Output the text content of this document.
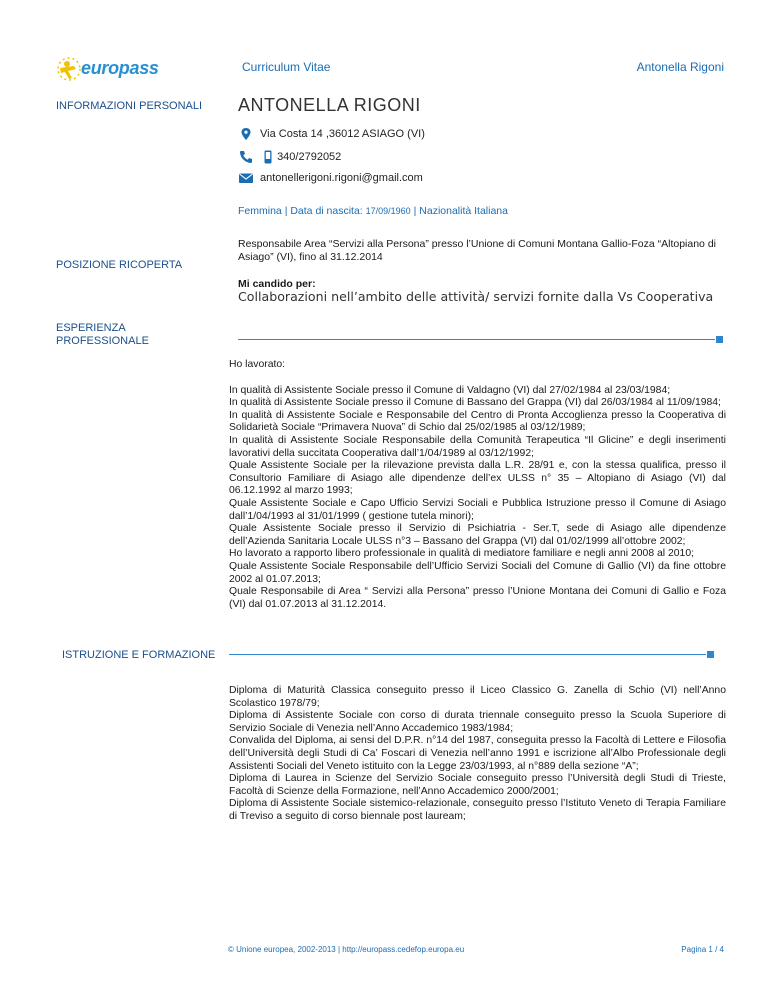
europass	Curriculum Vitae	Antonella Rigoni
INFORMAZIONI PERSONALI	ANTONELLA RIGONI
Via Costa 14 ,36012 ASIAGO (VI)
340/2792052
antonellerigoni.rigoni@gmail.com
Femmina | Data di nascita: 17/09/1960 | Nazionalità Italiana
POSIZIONE RICOPERTA
Responsabile Area “Servizi alla Persona” presso l’Unione di Comuni Montana Gallio-Foza “Altopiano di Asiago” (VI), fino al 31.12.2014
Mi candido per:
Collaborazioni nell’ambito delle attività/ servizi fornite dalla Vs Cooperativa
ESPERIENZA
PROFESSIONALE

Ho lavorato:

In qualità di Assistente Sociale presso il Comune di Valdagno (VI) dal 27/02/1984 al 23/03/1984;

In qualità di Assistente Sociale presso il Comune di Bassano del Grappa (VI) dal 26/03/1984 al 11/09/1984;

In qualità di Assistente Sociale e Responsabile del Centro di Pronta Accoglienza presso la Cooperativa di Solidarietà Sociale “Primavera Nuova” di Schio dal 25/02/1985 al 03/12/1989;

In qualità di Assistente Sociale Responsabile della Comunità Terapeutica “Il Glicine” e degli inserimenti lavorativi della succitata Cooperativa dall’1/04/1989 al 03/12/1992;

Quale Assistente Sociale per la rilevazione prevista dalla L.R. 28/91 e, con la stessa qualifica, presso il Consultorio Familiare di Asiago alle dipendenze dell’ex ULSS n° 35 – Altopiano di Asiago (VI) dal 06.12.1992 al marzo 1993;

Quale Assistente Sociale e Capo Ufficio Servizi Sociali e Pubblica Istruzione presso il Comune di Asiago dall’1/04/1993 al 31/01/1999 ( gestione tutela minori);

Quale Assistente Sociale presso il Servizio di Psichiatria - Ser.T, sede di Asiago alle dipendenze dell’Azienda Sanitaria Locale ULSS n°3 – Bassano del Grappa (VI) dal 01/02/1999 all’ottobre 2002;

Ho lavorato a rapporto libero professionale in qualità di mediatore familiare e negli anni 2008 al 2010;

Quale Assistente Sociale Responsabile dell’Ufficio Servizi Sociali del Comune di Gallio (VI) da fine ottobre 2002 al 01.07.2013;

Quale Responsabile di Area “ Servizi alla Persona” presso l’Unione Montana dei Comuni di Gallio e Foza (VI) dal 01.07.2013 al 31.12.2014.

ISTRUZIONE E FORMAZIONE

Diploma di Maturità Classica conseguito presso il Liceo Classico G. Zanella di Schio (VI) nell’Anno Scolastico 1978/79;

Diploma di Assistente Sociale con corso di durata triennale conseguito presso la Scuola Superiore di Servizio Sociale di Venezia nell’Anno Accademico 1983/1984;

Convalida del Diploma, ai sensi del D.P.R. n°14 del 1987, conseguita presso la Facoltà di Lettere e Filosofia dell’Università degli Studi di Ca’ Foscari di Venezia nell’anno 1991 e iscrizione all’Albo Professionale degli Assistenti Sociali del Veneto istituito con la Legge 23/03/1993, al n°889 della sezione “A”;

Diploma di Laurea in Scienze del Servizio Sociale conseguito presso l’Università degli Studi di Trieste, Facoltà di Scienze della Formazione, nell’Anno Accademico 2000/2001;

Diploma di Assistente Sociale sistemico-relazionale, conseguito presso l’Istituto Veneto di Terapia Familiare di Treviso a seguito di corso biennale post lauream;

© Unione europea, 2002-2013 | http://europass.cedefop.europa.eu	Pagina 1 / 4
